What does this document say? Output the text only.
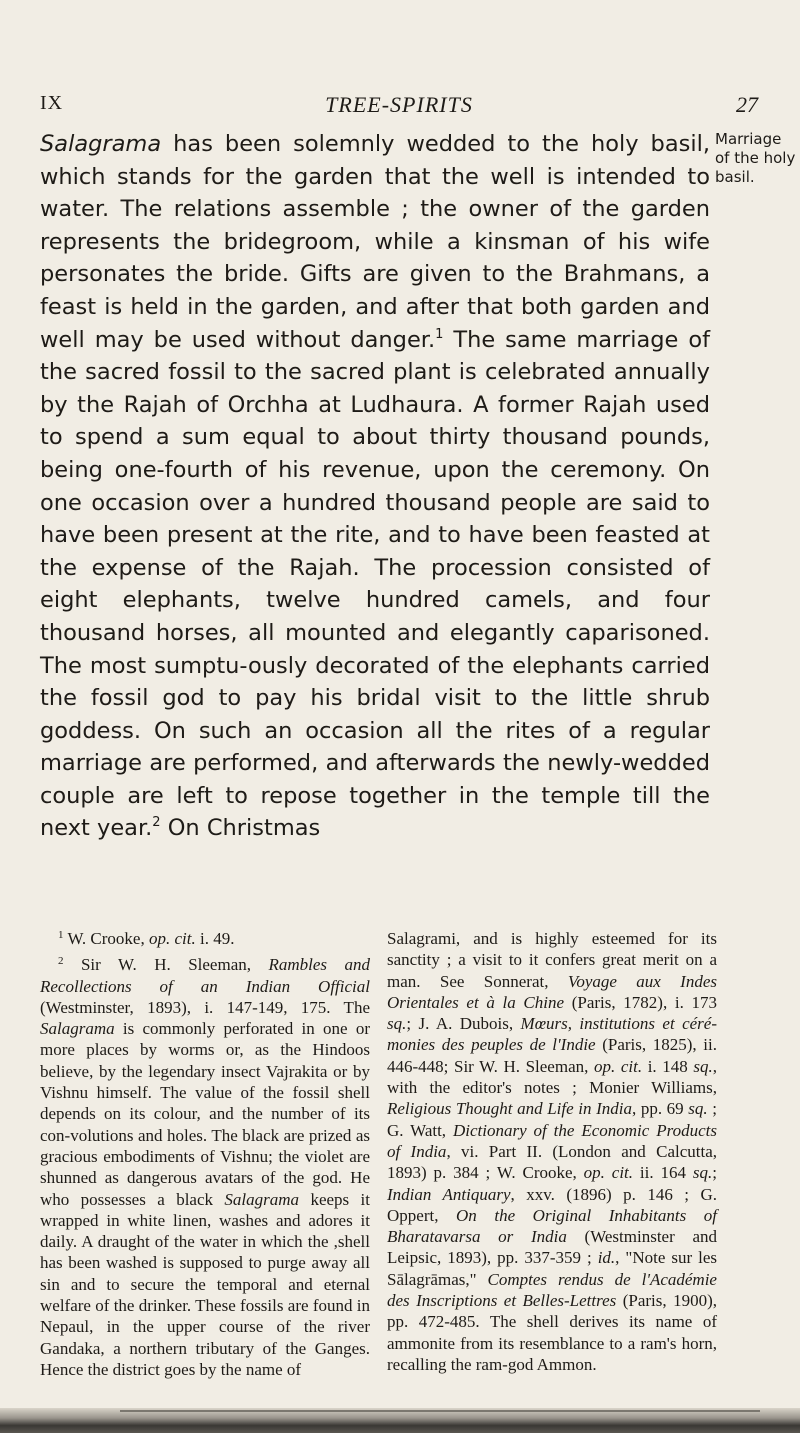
IX	TREE-SPIRITS	27

Salagrama has been solemnly wedded to the holy basil, which stands for the garden that the well is intended to water. The relations assemble ; the owner of the garden represents the bridegroom, while a kinsman of his wife personates the bride. Gifts are given to the Brahmans, a feast is held in the garden, and after that both garden and well may be used without danger.$^1$ The same marriage of the sacred fossil to the sacred plant is celebrated annually by the Rajah of Orchha at Ludhaura. A former Rajah used to spend a sum equal to about thirty thousand pounds, being one-fourth of his revenue, upon the ceremony. On one occasion over a hundred thousand people are said to have been present at the rite, and to have been feasted at the expense of the Rajah. The procession consisted of eight elephants, twelve hundred camels, and four thousand horses, all mounted and elegantly caparisoned. The most sumptu-ously decorated of the elephants carried the fossil god to pay his bridal visit to the little shrub goddess. On such an occasion all the rites of a regular marriage are performed, and afterwards the newly-wedded couple are left to repose together in the temple till the next year.$^2$ On Christmas

Marriage of the holy basil.

$^1$ W. Crooke, op. cit. i. 49.

$^2$ Sir W. H. Sleeman, Rambles and Recollections of an Indian Official (Westminster, 1893), i. 147-149, 175. The Salagrama is commonly perforated in one or more places by worms or, as the Hindoos believe, by the legendary insect Vajrakita or by Vishnu himself. The value of the fossil shell depends on its colour, and the number of its con-volutions and holes. The black are prized as gracious embodiments of Vishnu; the violet are shunned as dangerous avatars of the god. He who possesses a black Salagrama keeps it wrapped in white linen, washes and adores it daily. A draught of the water in which the ,shell has been washed is supposed to purge away all sin and to secure the temporal and eternal welfare of the drinker. These fossils are found in Nepaul, in the upper course of the river Gandaka, a northern tributary of the Ganges. Hence the district goes by the name of

Salagrami, and is highly esteemed for its sanctity ; a visit to it confers great merit on a man. See Sonnerat, Voyage aux Indes Orientales et à la Chine (Paris, 1782), i. 173 sq.; J. A. Dubois, Mœurs, institutions et céré-monies des peuples de l'Indie (Paris, 1825), ii. 446-448; Sir W. H. Sleeman, op. cit. i. 148 sq., with the editor's notes ; Monier Williams, Religious Thought and Life in India, pp. 69 sq. ; G. Watt, Dictionary of the Economic Products of India, vi. Part II. (London and Calcutta, 1893) p. 384 ; W. Crooke, op. cit. ii. 164 sq.; Indian Antiquary, xxv. (1896) p. 146 ; G. Oppert, On the Original Inhabitants of Bharatavarsa or India (Westminster and Leipsic, 1893), pp. 337-359 ; id., "Note sur les Sālagrāmas," Comptes rendus de l'Académie des Inscriptions et Belles-Lettres (Paris, 1900), pp. 472-485. The shell derives its name of ammonite from its resemblance to a ram's horn, recalling the ram-god Ammon.
